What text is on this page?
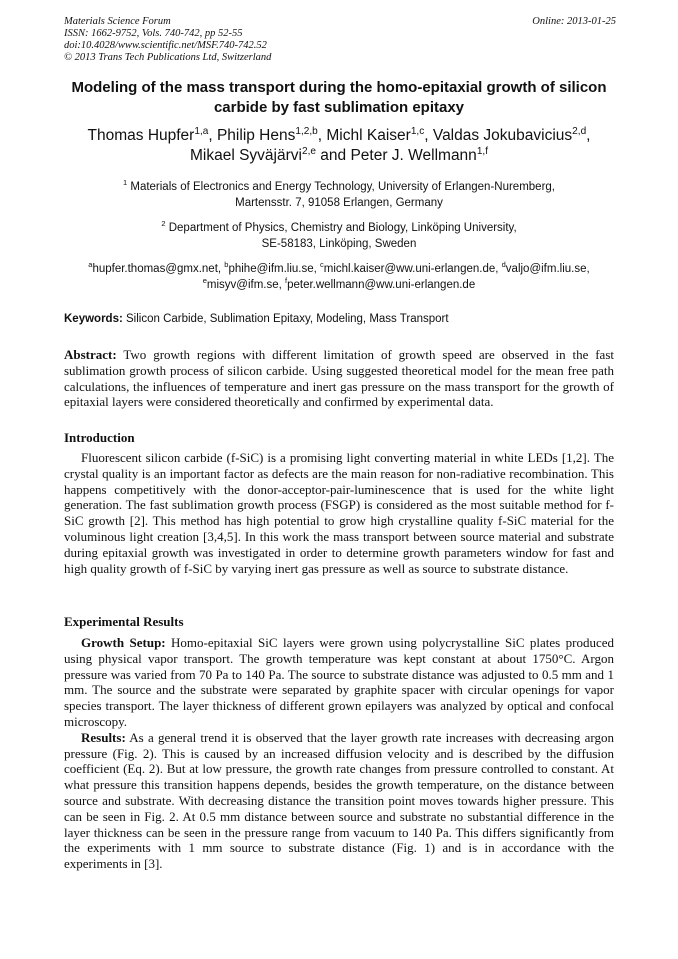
Materials Science Forum
ISSN: 1662-9752, Vols. 740-742, pp 52-55
doi:10.4028/www.scientific.net/MSF.740-742.52
© 2013 Trans Tech Publications Ltd, Switzerland
Online: 2013-01-25
Modeling of the mass transport during the homo-epitaxial growth of silicon carbide by fast sublimation epitaxy
Thomas Hupfer$^{1,a}$, Philip Hens$^{1,2,b}$, Michl Kaiser$^{1,c}$, Valdas Jokubavicius$^{2,d}$,
Mikael Syväjärvi$^{2,e}$ and Peter J. Wellmann$^{1,f}$
$^1$ Materials of Electronics and Energy Technology, University of Erlangen-Nuremberg,
Martensstr. 7, 91058 Erlangen, Germany
$^2$ Department of Physics, Chemistry and Biology, Linköping University,
SE-58183, Linköping, Sweden
$^a$hupfer.thomas@gmx.net, $^b$phihe@ifm.liu.se, $^c$michl.kaiser@ww.uni-erlangen.de, $^d$valjo@ifm.liu.se,
$^e$misyv@ifm.se, $^f$peter.wellmann@ww.uni-erlangen.de
Keywords: Silicon Carbide, Sublimation Epitaxy, Modeling, Mass Transport

Abstract: Two growth regions with different limitation of growth speed are observed in the fast sublimation growth process of silicon carbide. Using suggested theoretical model for the mean free path calculations, the influences of temperature and inert gas pressure on the mass transport for the growth of epitaxial layers were considered theoretically and confirmed by experimental data.

Introduction

Fluorescent silicon carbide (f-SiC) is a promising light converting material in white LEDs [1,2]. The crystal quality is an important factor as defects are the main reason for non-radiative recombination. This happens competitively with the donor-acceptor-pair-luminescence that is used for the white light generation. The fast sublimation growth process (FSGP) is considered as the most suitable method for f-SiC growth [2]. This method has high potential to grow high crystalline quality f-SiC material for the voluminous light creation [3,4,5]. In this work the mass transport between source material and substrate during epitaxial growth was investigated in order to determine growth parameters window for fast and high quality growth of f-SiC by varying inert gas pressure as well as source to substrate distance.

Experimental Results

Growth Setup: Homo-epitaxial SiC layers were grown using polycrystalline SiC plates produced using physical vapor transport. The growth temperature was kept constant at about 1750°C. Argon pressure was varied from 70 Pa to 140 Pa. The source to substrate distance was adjusted to 0.5 mm and 1 mm. The source and the substrate were separated by graphite spacer with circular openings for vapor species transport. The layer thickness of different grown epilayers was analyzed by optical and confocal microscopy.

Results: As a general trend it is observed that the layer growth rate increases with decreasing argon pressure (Fig. 2). This is caused by an increased diffusion velocity and is described by the diffusion coefficient (Eq. 2). But at low pressure, the growth rate changes from pressure controlled to constant. At what pressure this transition happens depends, besides the growth temperature, on the distance between source and substrate. With decreasing distance the transition point moves towards higher pressure. This can be seen in Fig. 2. At 0.5 mm distance between source and substrate no substantial difference in the layer thickness can be seen in the pressure range from vacuum to 140 Pa. This differs significantly from the experiments with 1 mm source to substrate distance (Fig. 1) and is in accordance with the experiments in [3].
